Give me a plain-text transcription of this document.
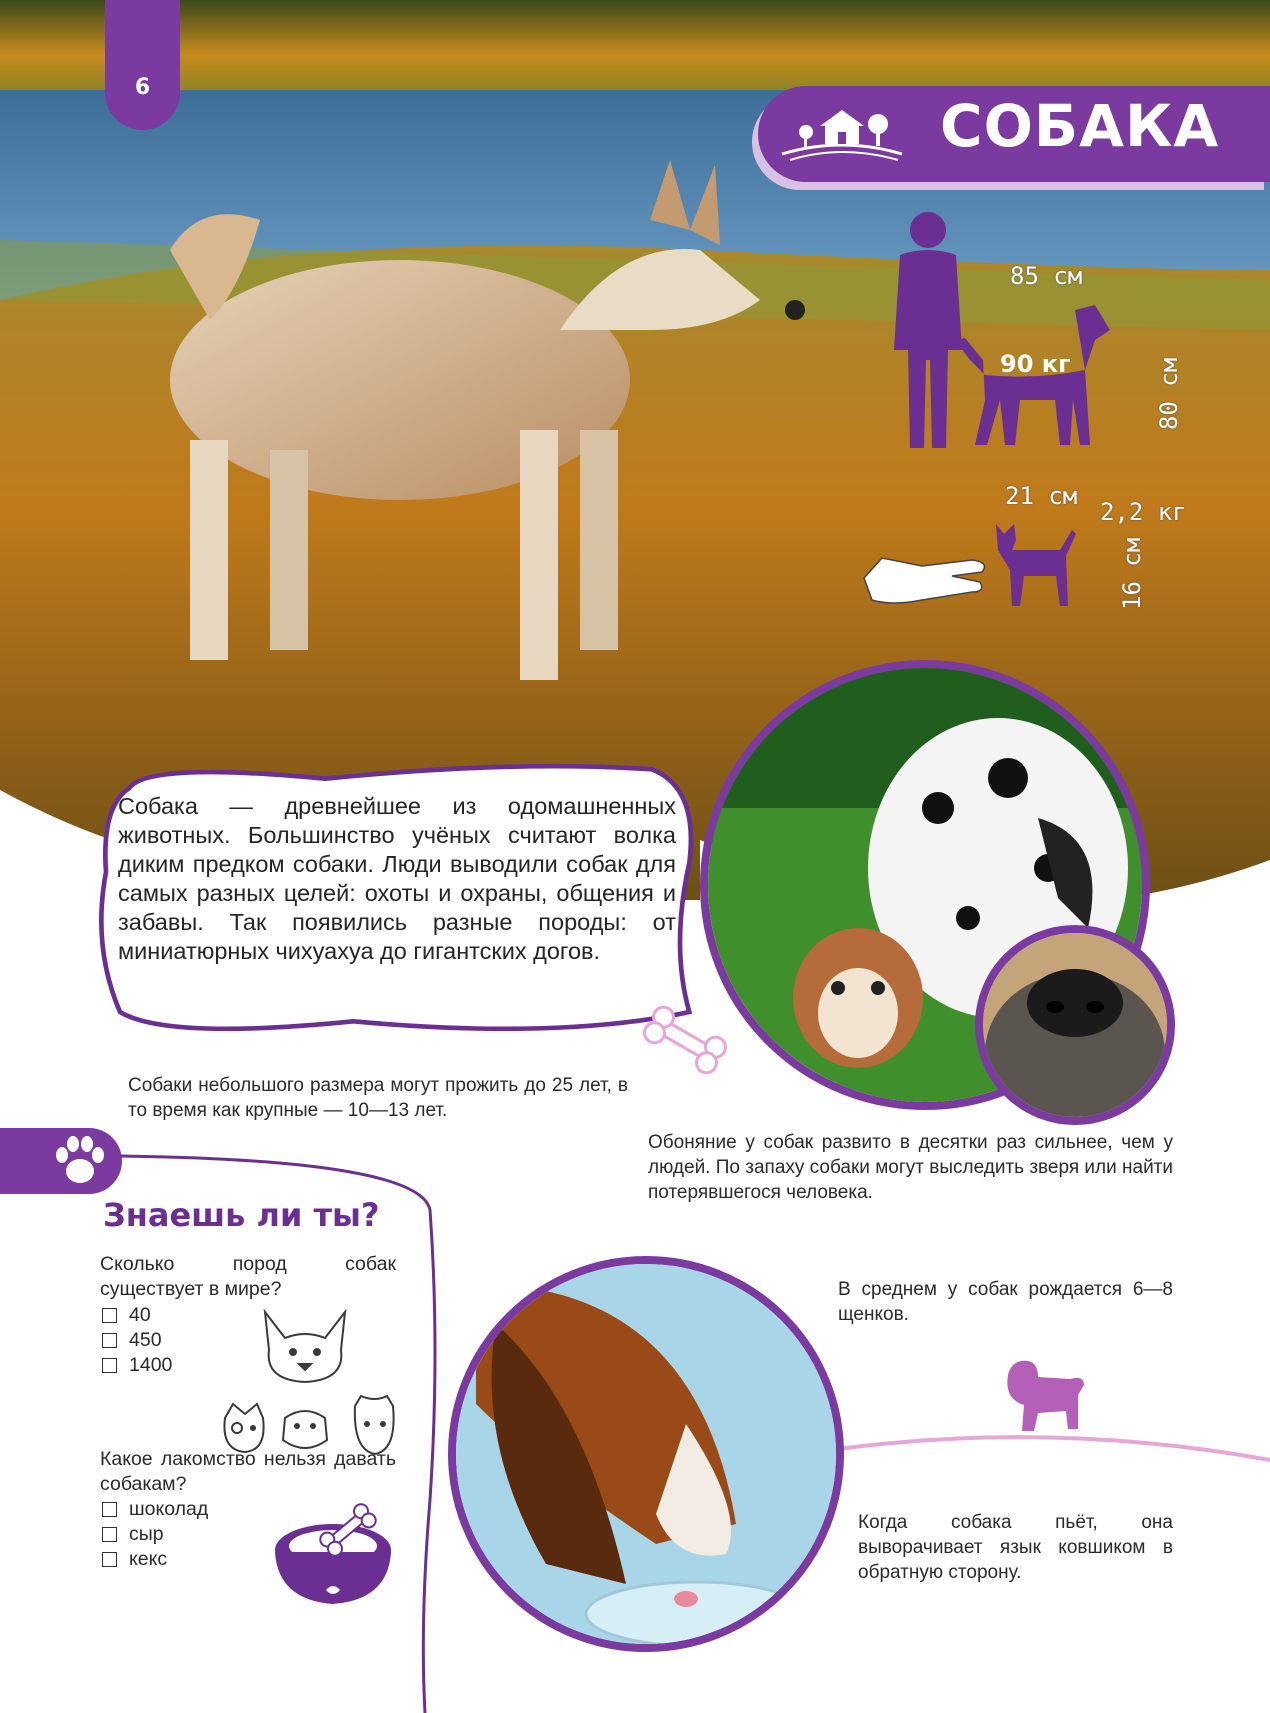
6
СОБАКА
85 см
90 кг	80 см
21 см
2,2 кг
16 см
Собака — древнейшее из одомашненных животных. Большинство учёных считают волка диким предком собаки. Люди выводили собак для самых разных целей: охоты и охраны, общения и забавы. Так появились разные породы: от миниатюрных чихуахуа до гигантских догов.
Собаки небольшого размера могут прожить до 25 лет, в то время как крупные — 10—13 лет.
Обоняние у собак развито в десятки раз сильнее, чем у людей. По запаху собаки могут выследить зверя или найти потерявшегося человека.
В среднем у собак рождается 6—8 щенков.
Когда собака пьёт, она выворачивает язык ковшиком в обратную сторону.
Знаешь ли ты?
Сколько пород собак существует в мире?
40
450
1400
Какое лакомство нельзя давать собакам?
шоколад
сыр
кекс
